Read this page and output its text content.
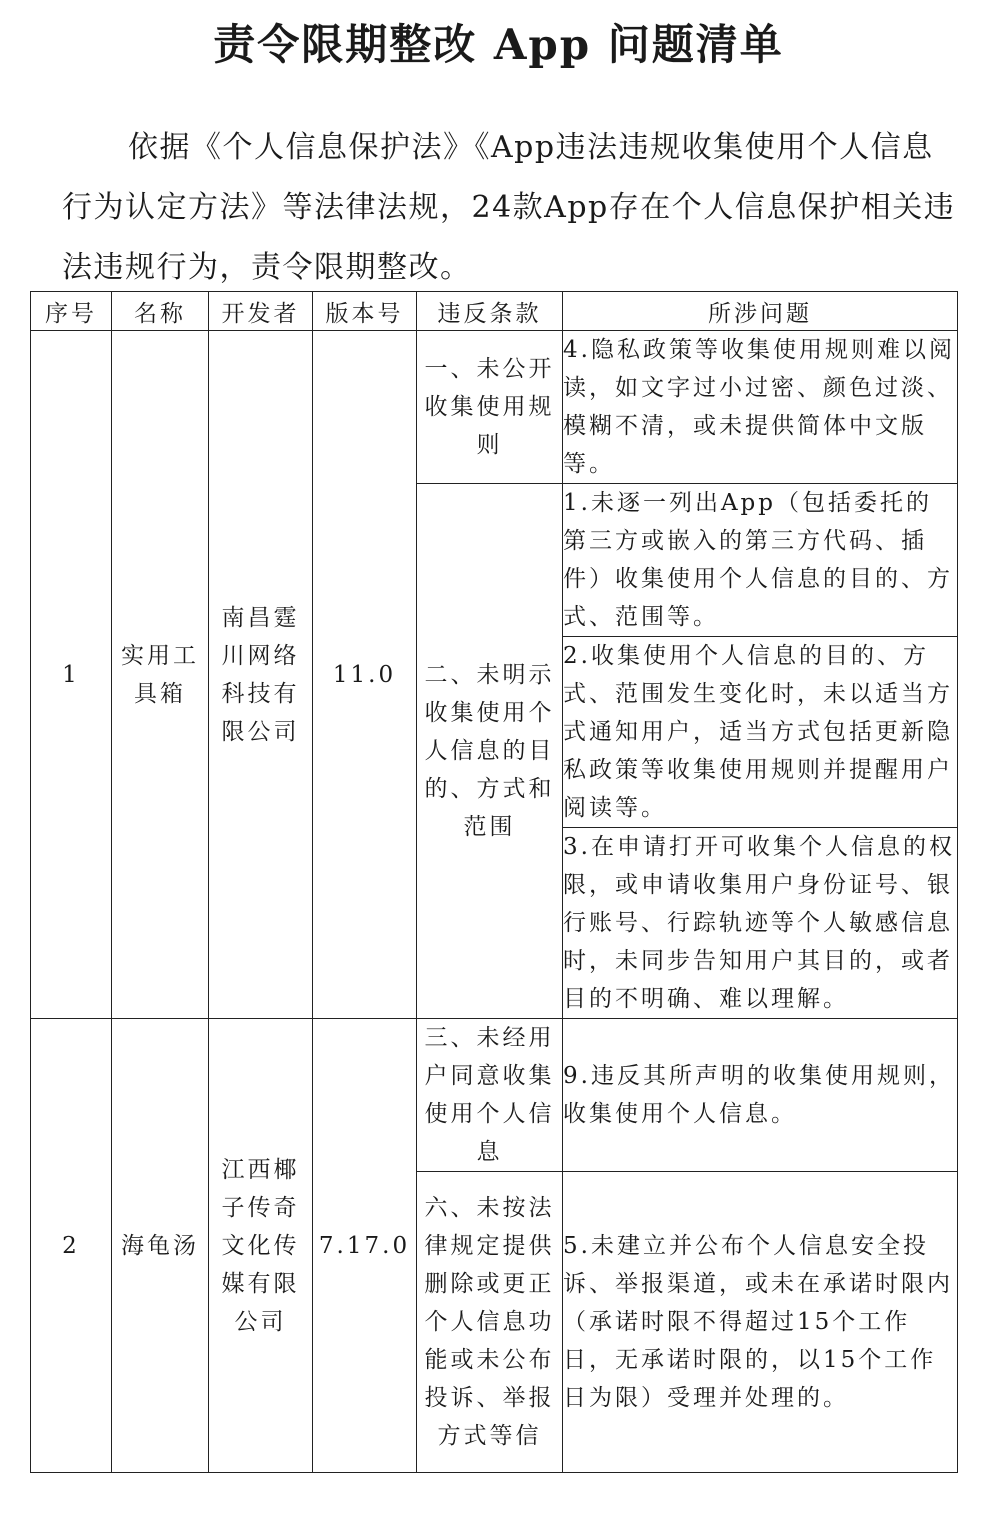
责令限期整改 App 问题清单

依据《个人信息保护法》《App违法违规收集使用个人信息行为认定方法》等法律法规，24款App存在个人信息保护相关违法违规行为，责令限期整改。

序号	名称	开发者	版本号	违反条款	所涉问题
1	实用工具箱	南昌霆川网络科技有限公司	11.0	一、未公开收集使用规则	4.隐私政策等收集使用规则难以阅读，如文字过小过密、颜色过淡、模糊不清，或未提供简体中文版等。
				二、未明示收集使用个人信息的目的、方式和范围	1.未逐一列出App（包括委托的第三方或嵌入的第三方代码、插件）收集使用个人信息的目的、方式、范围等。
					2.收集使用个人信息的目的、方式、范围发生变化时，未以适当方式通知用户，适当方式包括更新隐私政策等收集使用规则并提醒用户阅读等。
					3.在申请打开可收集个人信息的权限，或申请收集用户身份证号、银行账号、行踪轨迹等个人敏感信息时，未同步告知用户其目的，或者目的不明确、难以理解。
2	海龟汤	江西椰子传奇文化传媒有限公司	7.17.0	三、未经用户同意收集使用个人信息	9.违反其所声明的收集使用规则，收集使用个人信息。
				六、未按法律规定提供删除或更正个人信息功能或未公布投诉、举报方式等信	5.未建立并公布个人信息安全投诉、举报渠道，或未在承诺时限内（承诺时限不得超过15个工作日，无承诺时限的，以15个工作日为限）受理并处理的。
